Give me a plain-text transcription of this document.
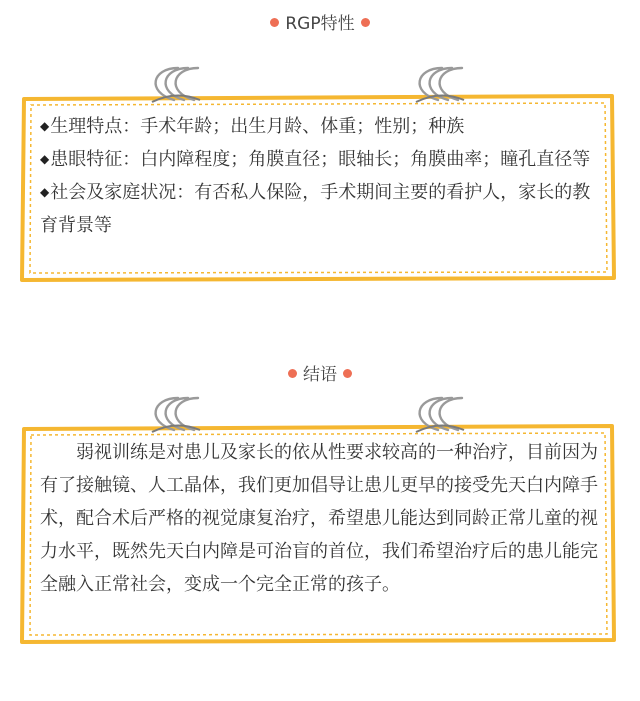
RGP特性

◆生理特点：手术年龄；出生月龄、体重；性别；种族

◆患眼特征：白内障程度；角膜直径；眼轴长；角膜曲率；瞳孔直径等

◆社会及家庭状况：有否私人保险，手术期间主要的看护人，家长的教育背景等

结语

弱视训练是对患儿及家长的依从性要求较高的一种治疗，目前因为有了接触镜、人工晶体，我们更加倡导让患儿更早的接受先天白内障手术，配合术后严格的视觉康复治疗，希望患儿能达到同龄正常儿童的视力水平，既然先天白内障是可治盲的首位，我们希望治疗后的患儿能完全融入正常社会，变成一个完全正常的孩子。
